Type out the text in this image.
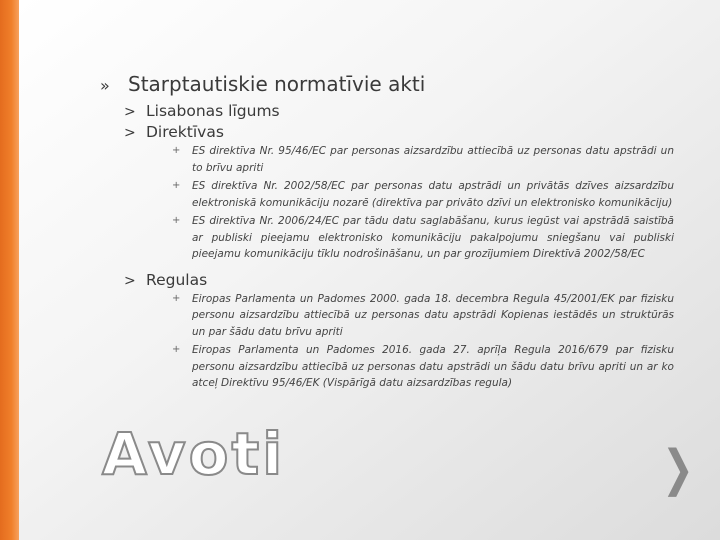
» Starptautiskie normatīvie akti
> Lisabonas līgums
> Direktīvas
+	ES direktīva Nr. 95/46/EC par personas aizsardzību attiecībā uz personas datu apstrādi un to brīvu apriti
+	ES direktīva Nr. 2002/58/EC par personas datu apstrādi un privātās dzīves aizsardzību elektroniskā komunikāciju nozarē (direktīva par privāto dzīvi un elektronisko komunikāciju)
+	ES direktīva Nr. 2006/24/EC par tādu datu saglabāšanu, kurus iegūst vai apstrādā saistībā ar publiski pieejamu elektronisko komunikāciju pakalpojumu sniegšanu vai publiski pieejamu komunikāciju tīklu nodrošināšanu, un par grozījumiem Direktīvā 2002/58/EC
> Regulas
+	Eiropas Parlamenta un Padomes 2000. gada 18. decembra Regula 45/2001/EK par fizisku personu aizsardzību attiecībā uz personas datu apstrādi Kopienas iestādēs un struktūrās un par šādu datu brīvu apriti
+	Eiropas Parlamenta un Padomes 2016. gada 27. aprīļa Regula 2016/679 par fizisku personu aizsardzību attiecībā uz personas datu apstrādi un šādu datu brīvu apriti un ar ko atceļ Direktīvu 95/46/EK (Vispārīgā datu aizsardzības regula)
Avoti	❯
